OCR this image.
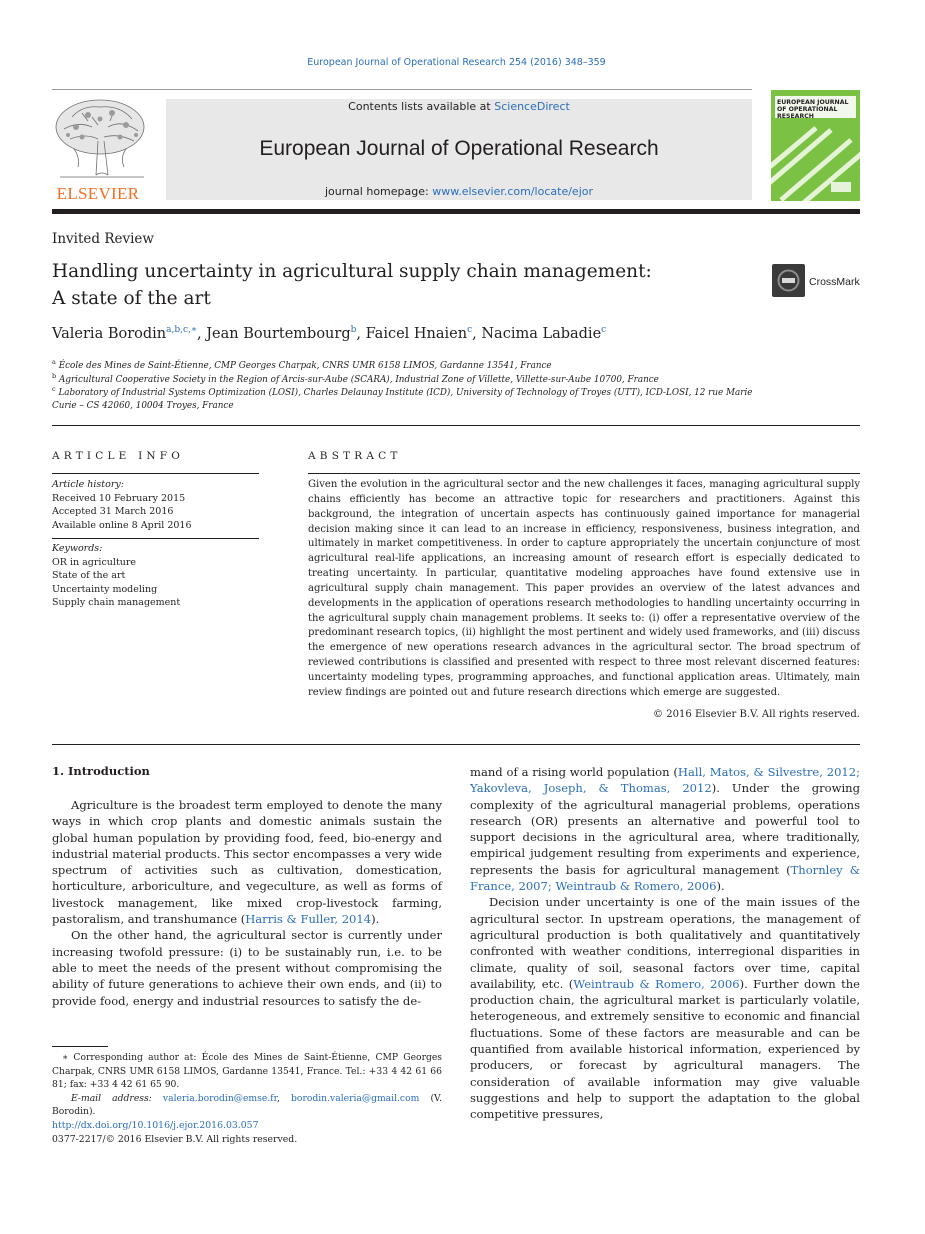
European Journal of Operational Research 254 (2016) 348–359
ELSEVIER
Contents lists available at ScienceDirect
European Journal of Operational Research
journal homepage: www.elsevier.com/locate/ejor
EUROPEAN JOURNAL OF OPERATIONAL RESEARCH
Invited Review
Handling uncertainty in agricultural supply chain management:
A state of the art
CrossMark
Valeria Borodin$^{a,b,c,∗}$, Jean Bourtembourg$^b$, Faicel Hnaien$^c$, Nacima Labadie$^c$
$^a$ École des Mines de Saint-Étienne, CMP Georges Charpak, CNRS UMR 6158 LIMOS, Gardanne 13541, France
$^b$ Agricultural Cooperative Society in the Region of Arcis-sur-Aube (SCARA), Industrial Zone of Villette, Villette-sur-Aube 10700, France
$^c$ Laboratory of Industrial Systems Optimization (LOSI), Charles Delaunay Institute (ICD), University of Technology of Troyes (UTT), ICD-LOSI, 12 rue Marie
Curie – CS 42060, 10004 Troyes, France
ARTICLE INFO
Article history:
Received 10 February 2015
Accepted 31 March 2016
Available online 8 April 2016
Keywords:
OR in agriculture
State of the art
Uncertainty modeling
Supply chain management
ABSTRACT
Given the evolution in the agricultural sector and the new challenges it faces, managing agricultural supply chains efficiently has become an attractive topic for researchers and practitioners. Against this background, the integration of uncertain aspects has continuously gained importance for managerial decision making since it can lead to an increase in efficiency, responsiveness, business integration, and ultimately in market competitiveness. In order to capture appropriately the uncertain conjuncture of most agricultural real-life applications, an increasing amount of research effort is especially dedicated to treating uncertainty. In particular, quantitative modeling approaches have found extensive use in agricultural supply chain management. This paper provides an overview of the latest advances and developments in the application of operations research methodologies to handling uncertainty occurring in the agricultural supply chain management problems. It seeks to: (i) offer a representative overview of the predominant research topics, (ii) highlight the most pertinent and widely used frameworks, and (iii) discuss the emergence of new operations research advances in the agricultural sector. The broad spectrum of reviewed contributions is classified and presented with respect to three most relevant discerned features: uncertainty modeling types, programming approaches, and functional application areas. Ultimately, main review findings are pointed out and future research directions which emerge are suggested.
© 2016 Elsevier B.V. All rights reserved.
1. Introduction

Agriculture is the broadest term employed to denote the many ways in which crop plants and domestic animals sustain the global human population by providing food, feed, bio-energy and industrial material products. This sector encompasses a very wide spectrum of activities such as cultivation, domestication, horticulture, arboriculture, and vegeculture, as well as forms of livestock management, like mixed crop-livestock farming, pastoralism, and transhumance (Harris & Fuller, 2014).

On the other hand, the agricultural sector is currently under increasing twofold pressure: (i) to be sustainably run, i.e. to be able to meet the needs of the present without compromising the ability of future generations to achieve their own ends, and (ii) to provide food, energy and industrial resources to satisfy the de-

mand of a rising world population (Hall, Matos, & Silvestre, 2012; Yakovleva, Joseph, & Thomas, 2012). Under the growing complexity of the agricultural managerial problems, operations research (OR) presents an alternative and powerful tool to support decisions in the agricultural area, where traditionally, empirical judgement resulting from experiments and experience, represents the basis for agricultural management (Thornley & France, 2007; Weintraub & Romero, 2006).

Decision under uncertainty is one of the main issues of the agricultural sector. In upstream operations, the management of agricultural production is both qualitatively and quantitatively confronted with weather conditions, interregional disparities in climate, quality of soil, seasonal factors over time, capital availability, etc. (Weintraub & Romero, 2006). Further down the production chain, the agricultural market is particularly volatile, heterogeneous, and extremely sensitive to economic and financial fluctuations. Some of these factors are measurable and can be quantified from available historical information, experienced by producers, or forecast by agricultural managers. The consideration of available information may give valuable suggestions and help to support the adaptation to the global competitive pressures,

∗ Corresponding author at: École des Mines de Saint-Étienne, CMP Georges Charpak, CNRS UMR 6158 LIMOS, Gardanne 13541, France. Tel.: +33 4 42 61 66 81; fax: +33 4 42 61 65 90.
E-mail address: valeria.borodin@emse.fr, borodin.valeria@gmail.com (V. Borodin).
http://dx.doi.org/10.1016/j.ejor.2016.03.057
0377-2217/© 2016 Elsevier B.V. All rights reserved.
